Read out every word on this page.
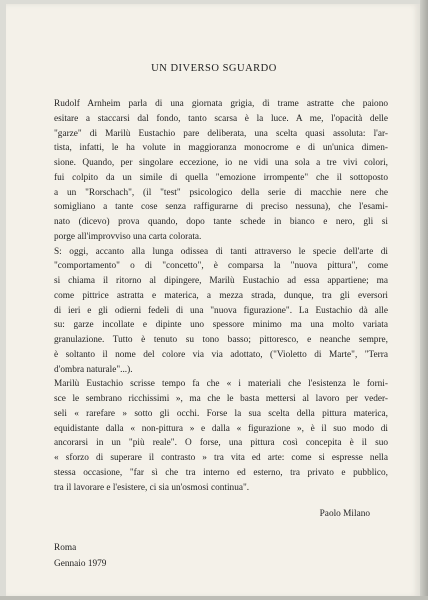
UN DIVERSO SGUARDO
Rudolf Arnheim parla di una giornata grigia, di trame astratte che paiono
esitare a staccarsi dal fondo, tanto scarsa è la luce. A me, l'opacità delle
"garze" di Marilù Eustachio pare deliberata, una scelta quasi assoluta: l'ar-
tista, infatti, le ha volute in maggioranza monocrome e di un'unica dimen-
sione. Quando, per singolare eccezione, io ne vidi una sola a tre vivi colori,
fui colpito da un simile di quella "emozione irrompente" che il sottoposto
a un "Rorschach", (il "test" psicologico della serie di macchie nere che
somigliano a tante cose senza raffigurarne di preciso nessuna), che l'esami-
nato (dicevo) prova quando, dopo tante schede in bianco e nero, gli si
porge all'improvviso una carta colorata.
S: oggi, accanto alla lunga odissea di tanti attraverso le specie dell'arte di
"comportamento" o di "concetto", è comparsa la "nuova pittura", come
si chiama il ritorno al dipingere, Marilù Eustachio ad essa appartiene; ma
come pittrice astratta e materica, a mezza strada, dunque, tra gli eversori
di ieri e gli odierni fedeli di una "nuova figurazione". La Eustachio dà alle
su: garze incollate e dipinte uno spessore minimo ma una molto variata
granulazione. Tutto è tenuto su tono basso; pittoresco, e neanche sempre,
è soltanto il nome del colore via via adottato, ("Violetto di Marte", "Terra
d'ombra naturale"...).
Marilù Eustachio scrisse tempo fa che « i materiali che l'esistenza le forni-
sce le sembrano ricchissimi », ma che le basta mettersi al lavoro per veder-
seli « rarefare » sotto gli occhi. Forse la sua scelta della pittura materica,
equidistante dalla « non-pittura » e dalla « figurazione », è il suo modo di
ancorarsi in un "più reale". O forse, una pittura così concepita è il suo
« sforzo di superare il contrasto » tra vita ed arte: come si espresse nella
stessa occasione, "far sì che tra interno ed esterno, tra privato e pubblico,
tra il lavorare e l'esistere, ci sia un'osmosi continua".
Paolo Milano
Roma
Gennaio 1979
